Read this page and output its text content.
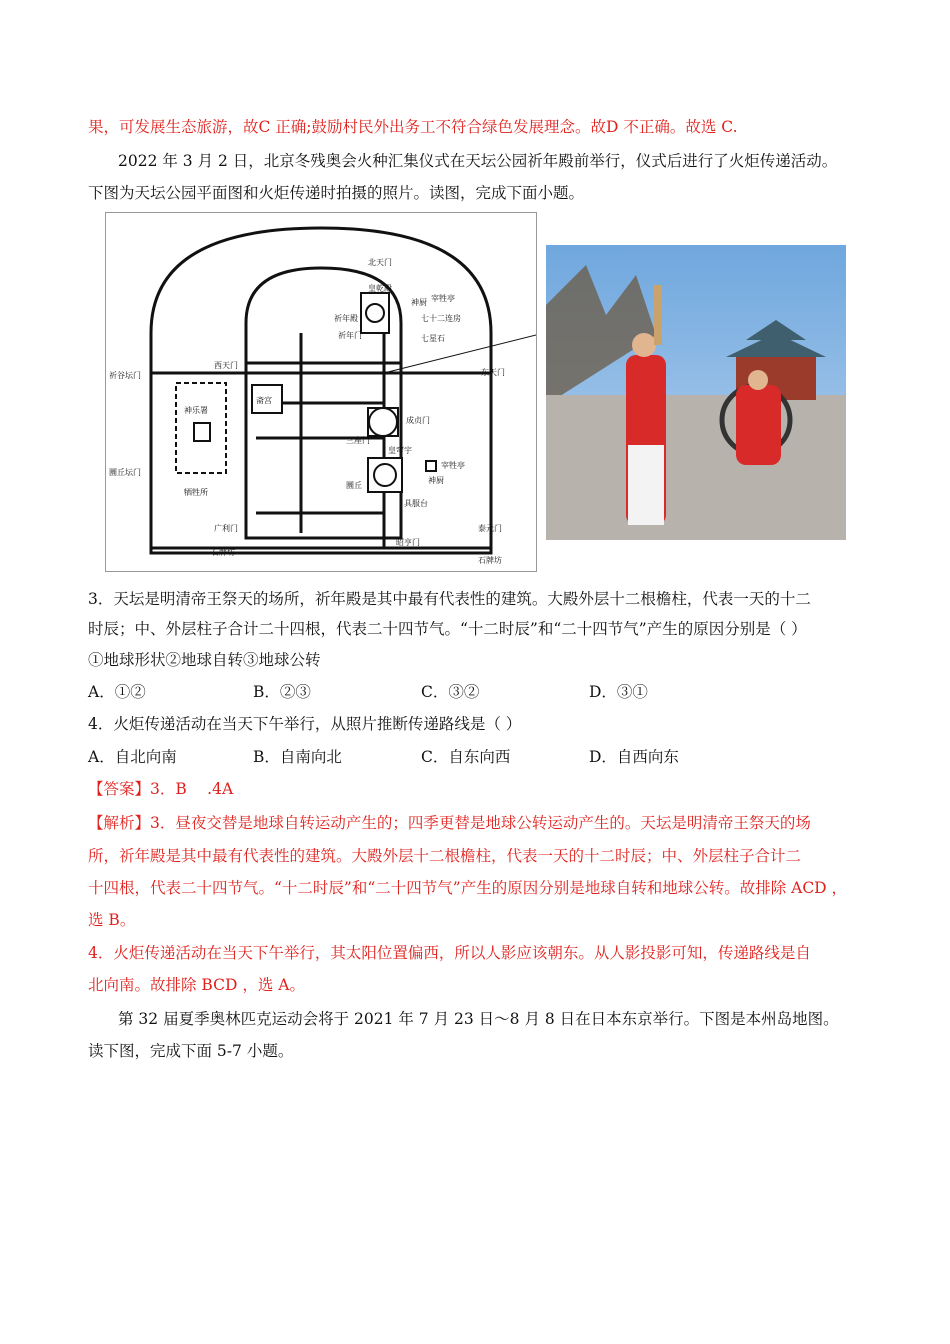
果，可发展生态旅游，故C 正确;鼓励村民外出务工不符合绿色发展理念。故D 不正确。故选 C.
2022 年 3 月 2 日，北京冬残奥会火种汇集仪式在天坛公园祈年殿前举行，仪式后进行了火炬传递活动。
下图为天坛公园平面图和火炬传递时拍摄的照片。读图，完成下面小题。
北天门
皇乾殿
神厨 宰牲亭
祈年殿	七十二连房
祈年门	七星石
西天门
东天门
祈谷坛门
神乐署
斋宫
成贞门
三座门
皇穹宇
宰牲亭
神厨
圜丘
具服台
圜丘坛门
牺牲所
广利门	泰元门
石牌坊
昭亨门
石牌坊
3．天坛是明清帝王祭天的场所，祈年殿是其中最有代表性的建筑。大殿外层十二根檐柱，代表一天的十二
时辰；中、外层柱子合计二十四根，代表二十四节气。“十二时辰”和“二十四节气”产生的原因分别是（ ）
①地球形状②地球自转③地球公转
A．①②	B．②③	C．③②	D．③①
4．火炬传递活动在当天下午举行，从照片推断传递路线是（ ）
A．自北向南	B．自南向北	C．自东向西	D．自西向东
【答案】3．B　 .4A
【解析】3．昼夜交替是地球自转运动产生的；四季更替是地球公转运动产生的。天坛是明清帝王祭天的场
所，祈年殿是其中最有代表性的建筑。大殿外层十二根檐柱，代表一天的十二时辰；中、外层柱子合计二
十四根，代表二十四节气。“十二时辰”和“二十四节气”产生的原因分别是地球自转和地球公转。故排除 ACD ，
选 B。
4．火炬传递活动在当天下午举行，其太阳位置偏西，所以人影应该朝东。从人影投影可知，传递路线是自
北向南。故排除 BCD ，选 A。
第 32 届夏季奥林匹克运动会将于 2021 年 7 月 23 日～8 月 8 日在日本东京举行。下图是本州岛地图。
读下图，完成下面 5-7 小题。
